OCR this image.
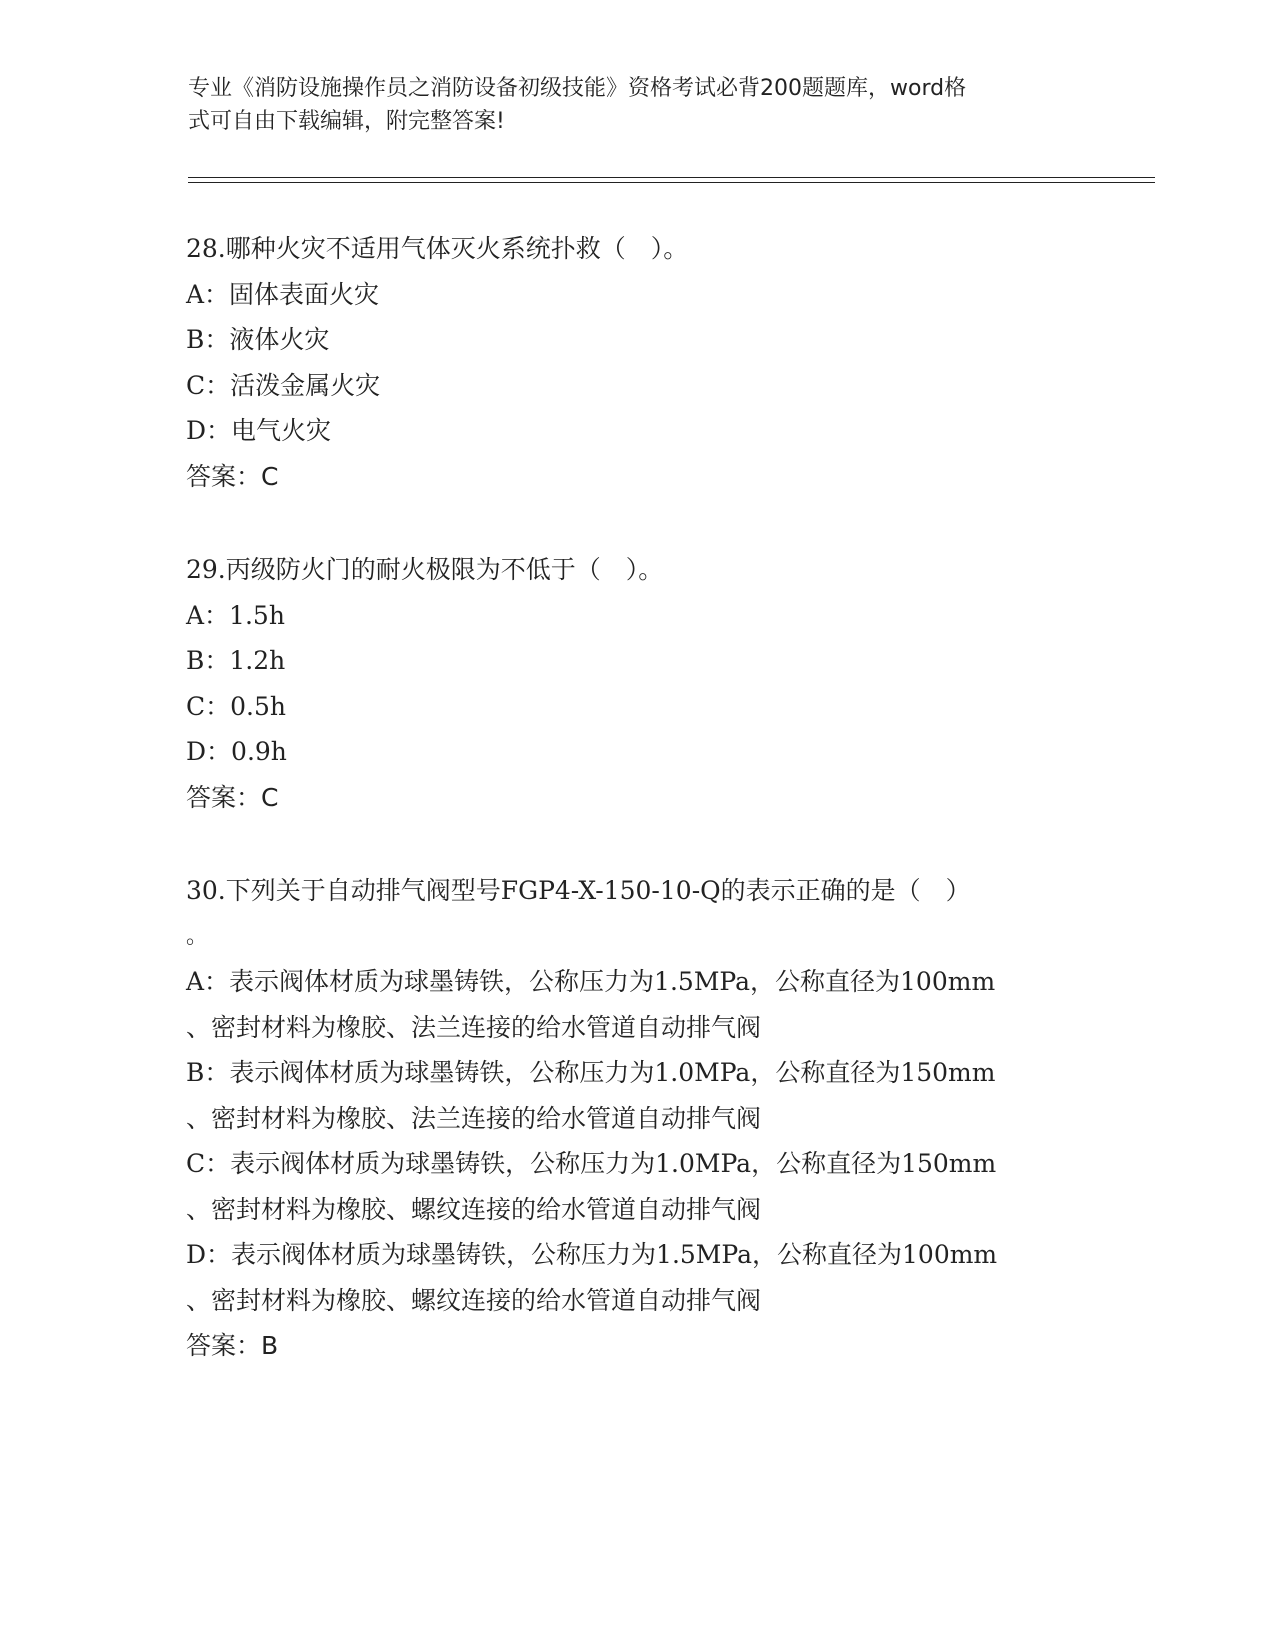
专业《消防设施操作员之消防设备初级技能》资格考试必背200题题库，word格

式可自由下载编辑，附完整答案!

28.哪种火灾不适用气体灭火系统扑救（　）。
A：固体表面火灾
B：液体火灾
C：活泼金属火灾
D：电气火灾
答案：C
29.丙级防火门的耐火极限为不低于（　）。
A：1.5h
B：1.2h
C：0.5h
D：0.9h
答案：C
30.下列关于自动排气阀型号FGP4-X-150-10-Q的表示正确的是（　）
。
A：表示阀体材质为球墨铸铁，公称压力为1.5MPa，公称直径为100mm
、密封材料为橡胶、法兰连接的给水管道自动排气阀
B：表示阀体材质为球墨铸铁，公称压力为1.0MPa，公称直径为150mm
、密封材料为橡胶、法兰连接的给水管道自动排气阀
C：表示阀体材质为球墨铸铁，公称压力为1.0MPa，公称直径为150mm
、密封材料为橡胶、螺纹连接的给水管道自动排气阀
D：表示阀体材质为球墨铸铁，公称压力为1.5MPa，公称直径为100mm
、密封材料为橡胶、螺纹连接的给水管道自动排气阀
答案：B
